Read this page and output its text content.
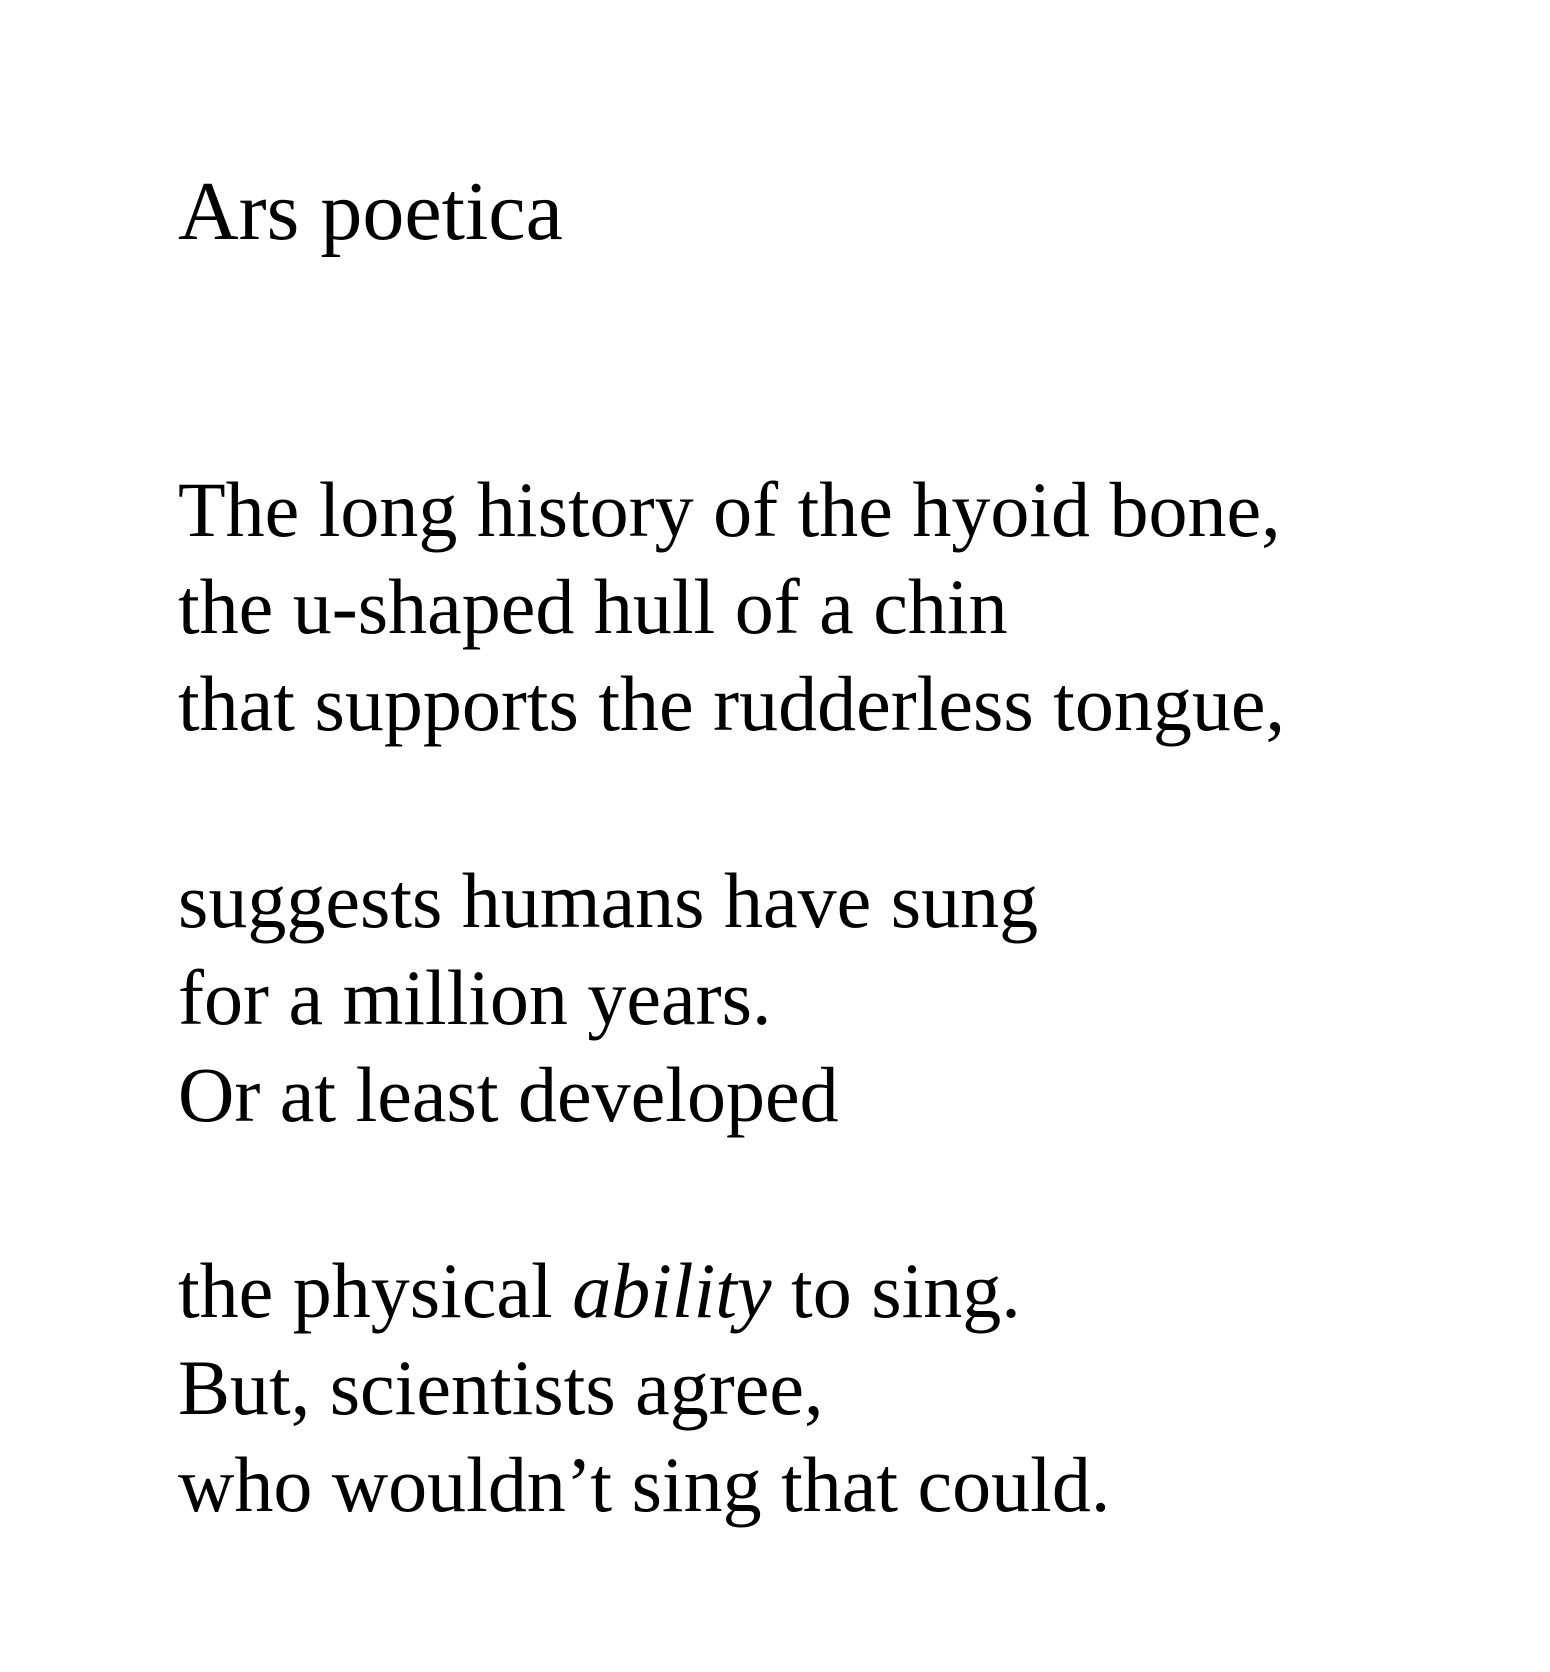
Ars poetica
The long history of the hyoid bone,
the u-shaped hull of a chin
that supports the rudderless tongue,
suggests humans have sung
for a million years.
Or at least developed
the physical ability to sing.
But, scientists agree,
who wouldn’t sing that could.
